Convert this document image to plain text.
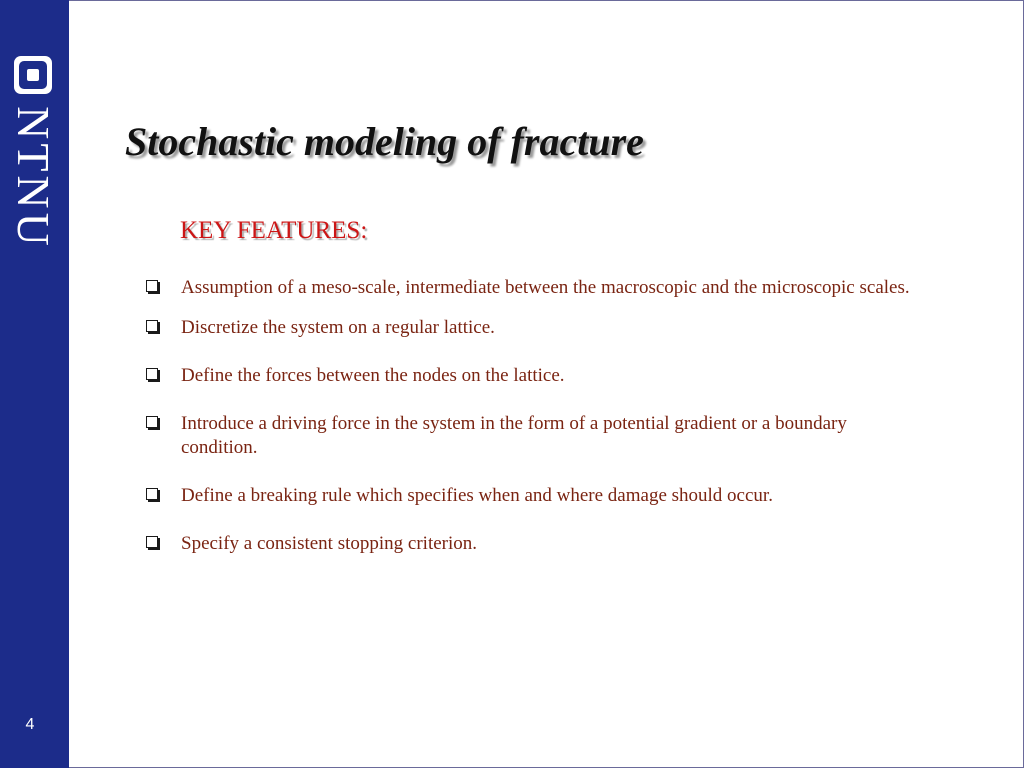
NTNU
4
Stochastic modeling of fracture
KEY FEATURES:
Assumption of a meso-scale, intermediate between the macroscopic and the microscopic scales.
Discretize the system on a regular lattice.
Define the forces between the nodes on the lattice.
Introduce a driving force in the system in the form of a potential gradient or a boundary condition.
Define a breaking rule which specifies when and where damage should occur.
Specify a consistent stopping criterion.
